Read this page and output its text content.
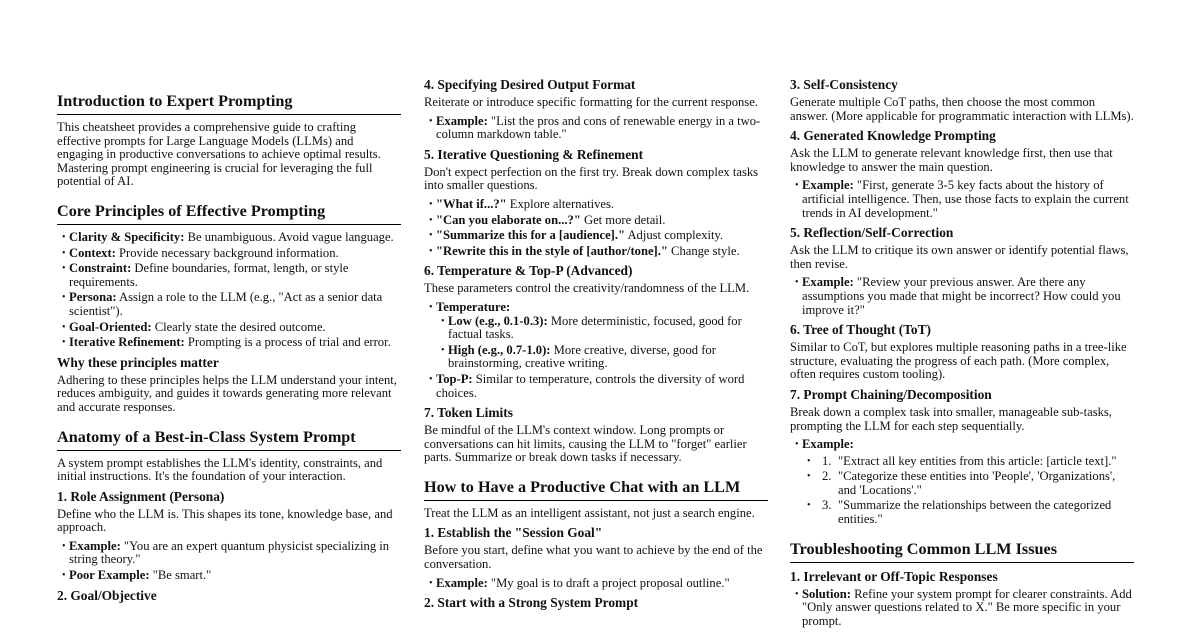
Introduction to Expert Prompting

This cheatsheet provides a comprehensive guide to crafting effective prompts for Large Language Models (LLMs) and engaging in productive conversations to achieve optimal results. Mastering prompt engineering is crucial for leveraging the full potential of AI.

Core Principles of Effective Prompting
• Clarity & Specificity: Be unambiguous. Avoid vague language.
• Context: Provide necessary background information.
• Constraint: Define boundaries, format, length, or style requirements.
• Persona: Assign a role to the LLM (e.g., "Act as a senior data scientist").
• Goal-Oriented: Clearly state the desired outcome.
• Iterative Refinement: Prompting is a process of trial and error.
Why these principles matter

Adhering to these principles helps the LLM understand your intent, reduces ambiguity, and guides it towards generating more relevant and accurate responses.

Anatomy of a Best-in-Class System Prompt

A system prompt establishes the LLM's identity, constraints, and initial instructions. It's the foundation of your interaction.

1. Role Assignment (Persona)

Define who the LLM is. This shapes its tone, knowledge base, and approach.

• Example: "You are an expert quantum physicist specializing in string theory."
• Poor Example: "Be smart."
2. Goal/Objective
4. Specifying Desired Output Format

Reiterate or introduce specific formatting for the current response.

• Example: "List the pros and cons of renewable energy in a two-column markdown table."
5. Iterative Questioning & Refinement

Don't expect perfection on the first try. Break down complex tasks into smaller questions.

• "What if...?" Explore alternatives.
• "Can you elaborate on...?" Get more detail.
• "Summarize this for a [audience]." Adjust complexity.
• "Rewrite this in the style of [author/tone]." Change style.
6. Temperature & Top-P (Advanced)

These parameters control the creativity/randomness of the LLM.

• Temperature:
• Low (e.g., 0.1-0.3): More deterministic, focused, good for factual tasks.
• High (e.g., 0.7-1.0): More creative, diverse, good for brainstorming, creative writing.
• Top-P: Similar to temperature, controls the diversity of word choices.
7. Token Limits

Be mindful of the LLM's context window. Long prompts or conversations can hit limits, causing the LLM to "forget" earlier parts. Summarize or break down tasks if necessary.

How to Have a Productive Chat with an LLM

Treat the LLM as an intelligent assistant, not just a search engine.

1. Establish the "Session Goal"

Before you start, define what you want to achieve by the end of the conversation.

• Example: "My goal is to draft a project proposal outline."
2. Start with a Strong System Prompt
3. Self-Consistency

Generate multiple CoT paths, then choose the most common answer. (More applicable for programmatic interaction with LLMs).

4. Generated Knowledge Prompting

Ask the LLM to generate relevant knowledge first, then use that knowledge to answer the main question.

• Example: "First, generate 3-5 key facts about the history of artificial intelligence. Then, use those facts to explain the current trends in AI development."
5. Reflection/Self-Correction

Ask the LLM to critique its own answer or identify potential flaws, then revise.

• Example: "Review your previous answer. Are there any assumptions you made that might be incorrect? How could you improve it?"
6. Tree of Thought (ToT)

Similar to CoT, but explores multiple reasoning paths in a tree-like structure, evaluating the progress of each path. (More complex, often requires custom tooling).

7. Prompt Chaining/Decomposition

Break down a complex task into smaller, manageable sub-tasks, prompting the LLM for each step sequentially.

• Example:
• 1. "Extract all key entities from this article: [article text]."
• 2. "Categorize these entities into 'People', 'Organizations', and 'Locations'."
• 3. "Summarize the relationships between the categorized entities."
Troubleshooting Common LLM Issues
1. Irrelevant or Off-Topic Responses
• Solution: Refine your system prompt for clearer constraints. Add "Only answer questions related to X." Be more specific in your prompt.
